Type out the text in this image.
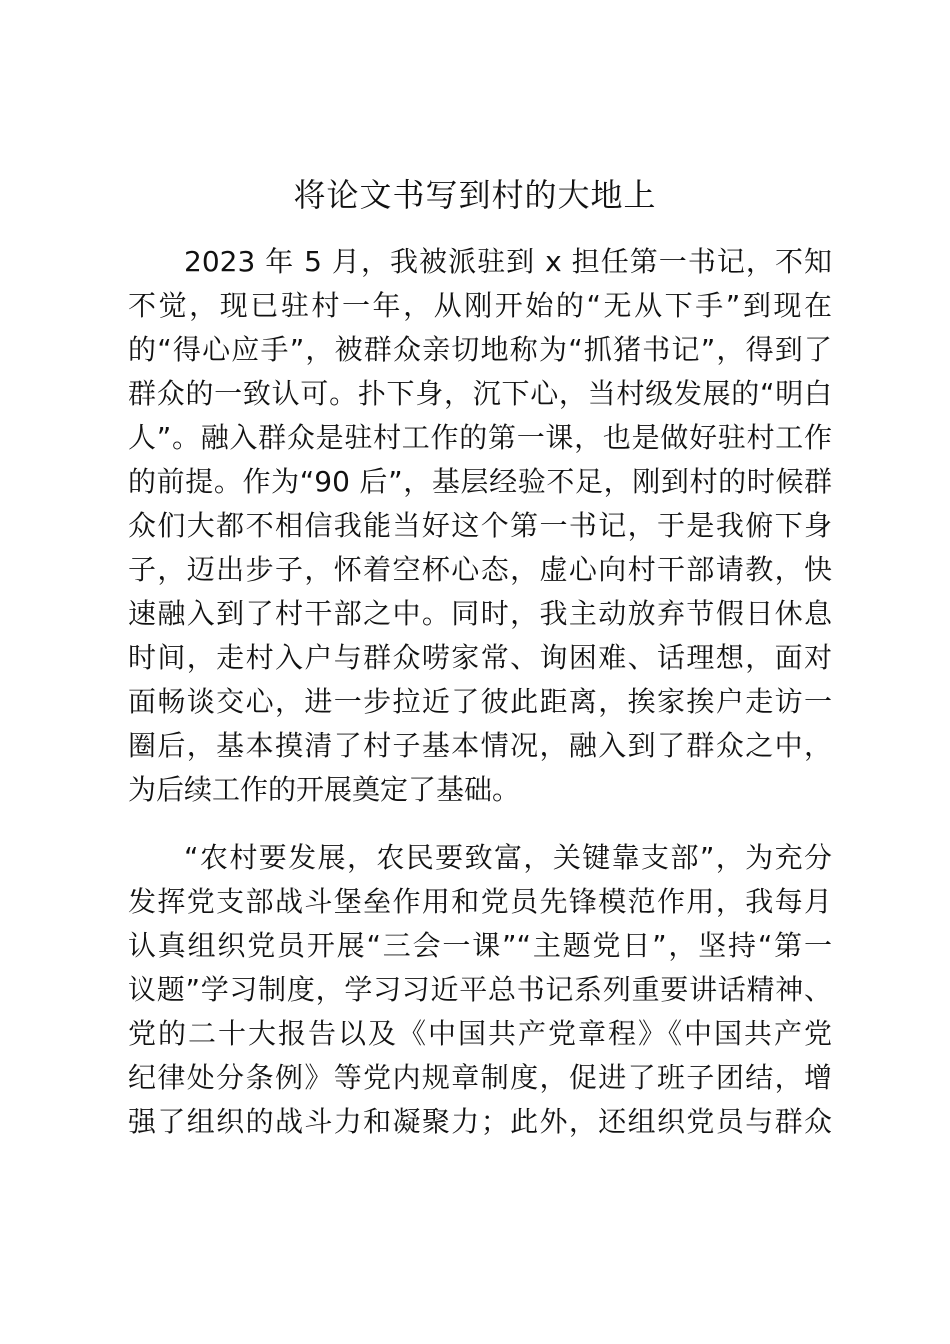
将论文书写到村的大地上
2023 年 5 月，我被派驻到 x 担任第一书记，不知
不觉，现已驻村一年，从刚开始的“无从下手”到现在
的“得心应手”，被群众亲切地称为“抓猪书记”，得到了
群众的一致认可。扑下身，沉下心，当村级发展的“明白
人”。融入群众是驻村工作的第一课，也是做好驻村工作
的前提。作为“90 后”，基层经验不足，刚到村的时候群
众们大都不相信我能当好这个第一书记，于是我俯下身
子，迈出步子，怀着空杯心态，虚心向村干部请教，快
速融入到了村干部之中。同时，我主动放弃节假日休息
时间，走村入户与群众唠家常、询困难、话理想，面对
面畅谈交心，进一步拉近了彼此距离，挨家挨户走访一
圈后，基本摸清了村子基本情况，融入到了群众之中，
为后续工作的开展奠定了基础。
“农村要发展，农民要致富，关键靠支部”，为充分
发挥党支部战斗堡垒作用和党员先锋模范作用，我每月
认真组织党员开展“三会一课”“主题党日”，坚持“第一
议题”学习制度，学习习近平总书记系列重要讲话精神、
党的二十大报告以及《中国共产党章程》《中国共产党
纪律处分条例》等党内规章制度，促进了班子团结，增
强了组织的战斗力和凝聚力；此外，还组织党员与群众
